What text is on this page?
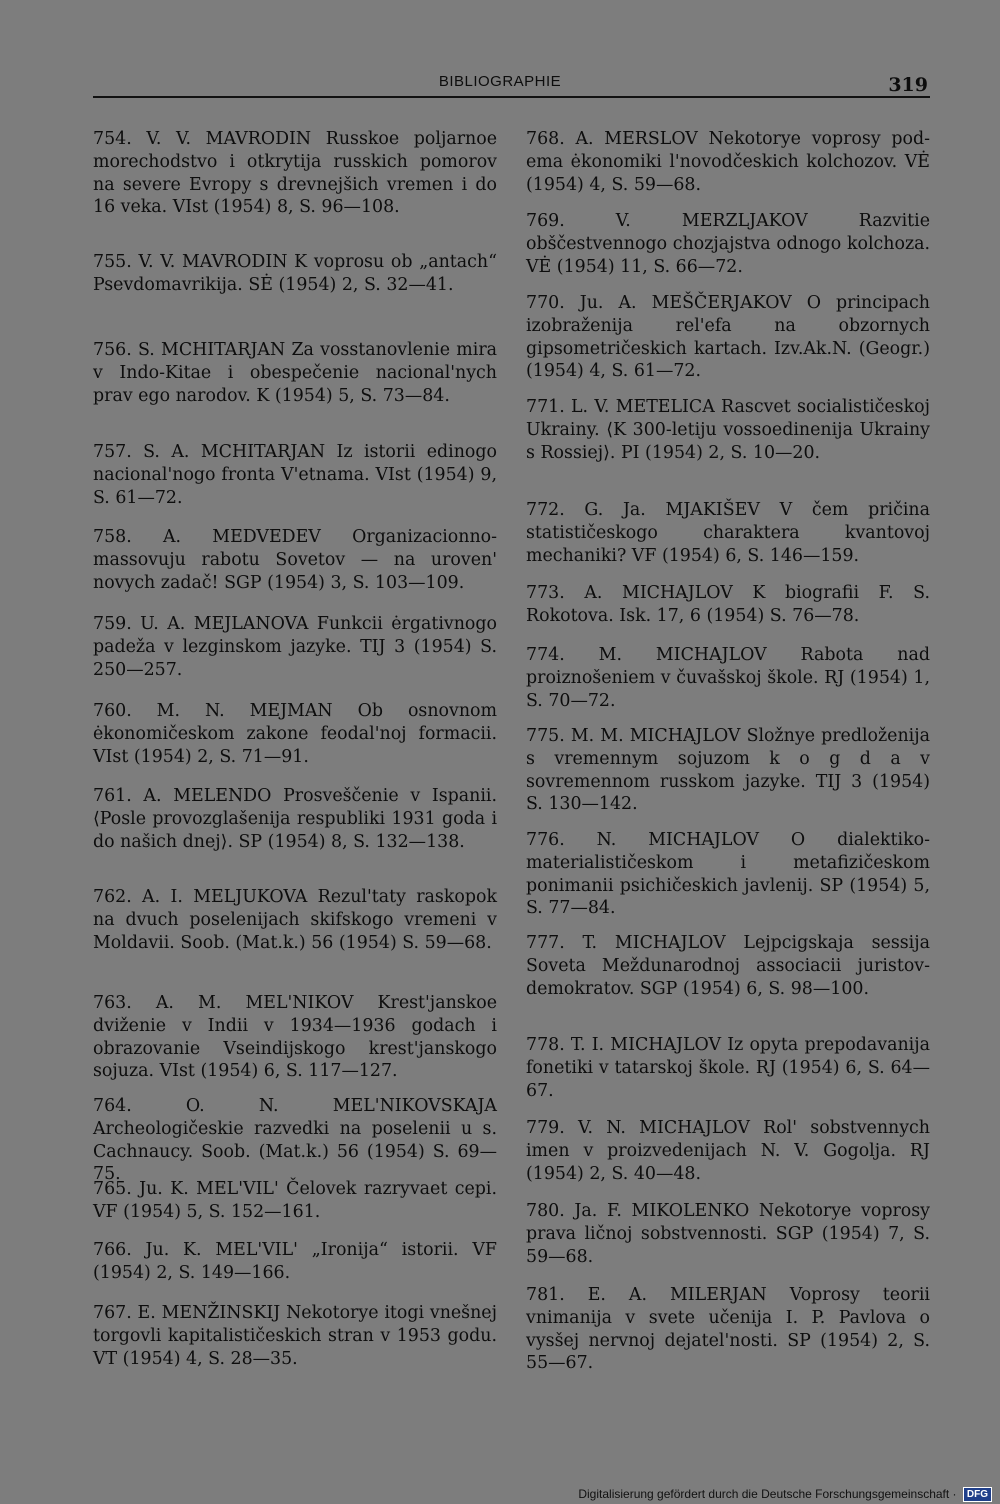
BIBLIOGRAPHIE	319

754. V. V. MAVRODIN Russkoe poljarnoe morechodstvo i otkrytija russkich pomorov na severe Evropy s drevnejšich vremen i do 16 veka. VIst (1954) 8, S. 96—108.

755. V. V. MAVRODIN K voprosu ob „antach“ Psevdomavrikija. SĖ (1954) 2, S. 32—41.

756. S. MCHITARJAN Za vosstanovlenie mira v Indo-Kitae i obespečenie nacional'nych prav ego narodov. K (1954) 5, S. 73—84.

757. S. A. MCHITARJAN Iz istorii edinogo nacional'nogo fronta V'etnama. VIst (1954) 9, S. 61—72.

758. A. MEDVEDEV Organizacionno-massovuju rabotu Sovetov — na uroven' novych zadač! SGP (1954) 3, S. 103—109.

759. U. A. MEJLANOVA Funkcii ėrgativnogo padeža v lezginskom jazyke. TIJ 3 (1954) S. 250—257.

760. M. N. MEJMAN Ob osnovnom ėkonomičeskom zakone feodal'noj formacii. VIst (1954) 2, S. 71—91.

761. A. MELENDO Prosveščenie v Ispanii. ⟨Posle provozglašenija respubliki 1931 goda i do našich dnej⟩. SP (1954) 8, S. 132—138.

762. A. I. MELJUKOVA Rezul'taty raskopok na dvuch poselenijach skifskogo vremeni v Moldavii. Soob. (Mat.k.) 56 (1954) S. 59—68.

763. A. M. MEL'NIKOV Krest'janskoe dviženie v Indii v 1934—1936 godach i obrazovanie Vseindijskogo krest'janskogo sojuza. VIst (1954) 6, S. 117—127.

764. O. N. MEL'NIKOVSKAJA Archeologičeskie razvedki na poselenii u s. Cachnaucy. Soob. (Mat.k.) 56 (1954) S. 69—75.

765. Ju. K. MEL'VIL' Čelovek razryvaet cepi. VF (1954) 5, S. 152—161.

766. Ju. K. MEL'VIL' „Ironija“ istorii. VF (1954) 2, S. 149—166.

767. E. MENŽINSKIJ Nekotorye itogi vnešnej torgovli kapitalističeskich stran v 1953 godu. VT (1954) 4, S. 28—35.

768. A. MERSLOV Nekotorye voprosy pod-ema ėkonomiki l'novodčeskich kolchozov. VĖ (1954) 4, S. 59—68.

769. V. MERZLJAKOV Razvitie obščestvennogo chozjajstva odnogo kolchoza. VĖ (1954) 11, S. 66—72.

770. Ju. A. MEŠČERJAKOV O principach izobraženija rel'efa na obzornych gipsometričeskich kartach. Izv.Ak.N. (Geogr.) (1954) 4, S. 61—72.

771. L. V. METELICA Rascvet socialističeskoj Ukrainy. ⟨K 300-letiju vossoedinenija Ukrainy s Rossiej⟩. PI (1954) 2, S. 10—20.

772. G. Ja. MJAKIŠEV V čem pričina statističeskogo charaktera kvantovoj mechaniki? VF (1954) 6, S. 146—159.

773. A. MICHAJLOV K biografii F. S. Rokotova. Isk. 17, 6 (1954) S. 76—78.

774. M. MICHAJLOV Rabota nad proiznošeniem v čuvašskoj škole. RJ (1954) 1, S. 70—72.

775. M. M. MICHAJLOV Složnye predloženija s vremennym sojuzom k o g d a v sovremennom russkom jazyke. TIJ 3 (1954) S. 130—142.

776. N. MICHAJLOV O dialektiko-materialističeskom i metafizičeskom ponimanii psichičeskich javlenij. SP (1954) 5, S. 77—84.

777. T. MICHAJLOV Lejpcigskaja sessija Soveta Meždunarodnoj associacii juristov-demokratov. SGP (1954) 6, S. 98—100.

778. T. I. MICHAJLOV Iz opyta prepodavanija fonetiki v tatarskoj škole. RJ (1954) 6, S. 64—67.

779. V. N. MICHAJLOV Rol' sobstvennych imen v proizvedenijach N. V. Gogolja. RJ (1954) 2, S. 40—48.

780. Ja. F. MIKOLENKO Nekotorye voprosy prava ličnoj sobstvennosti. SGP (1954) 7, S. 59—68.

781. E. A. MILERJAN Voprosy teorii vnimanija v svete učenija I. P. Pavlova o vysšej nervnoj dejatel'nosti. SP (1954) 2, S. 55—67.

Digitalisierung gefördert durch die Deutsche Forschungsgemeinschaft · DFG
